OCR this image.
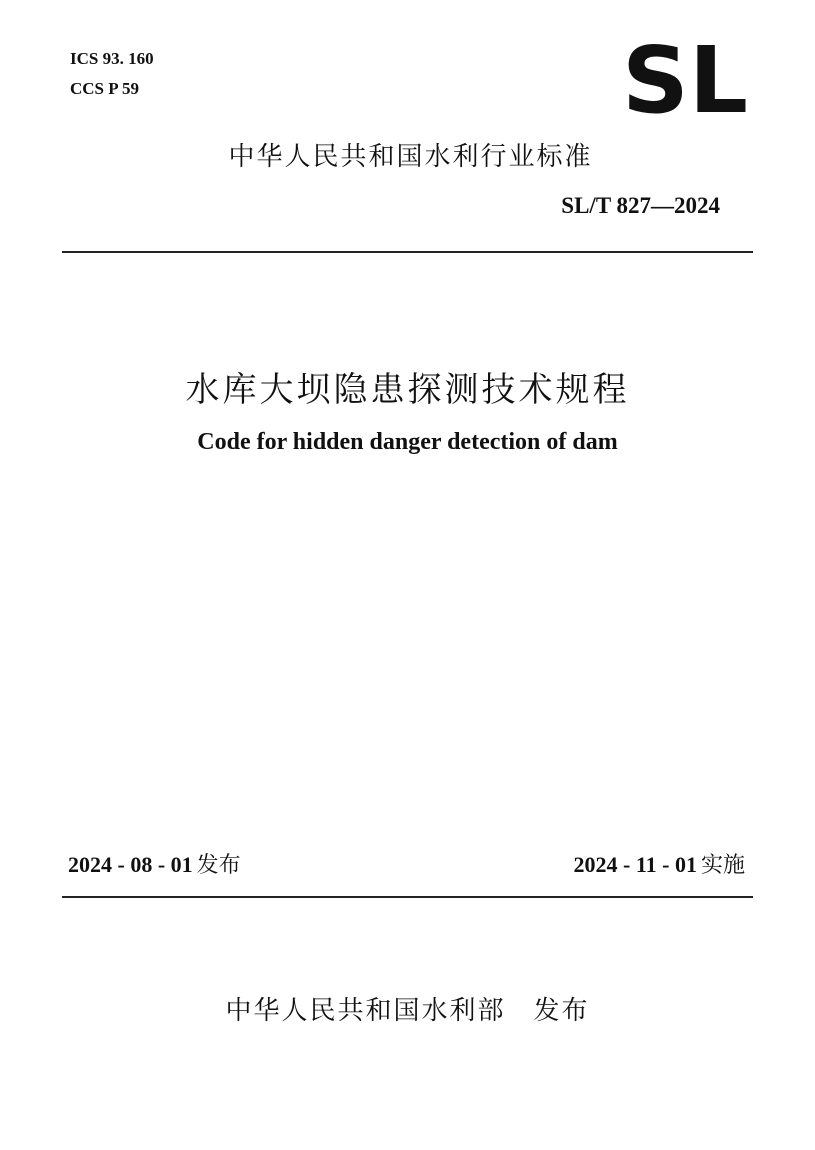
ICS 93. 160
CCS P 59	SL
中华人民共和国水利行业标准
SL/T 827—2024
水库大坝隐患探测技术规程
Code for hidden danger detection of dam
2024 - 08 - 01 发布	2024 - 11 - 01 实施
中华人民共和国水利部 发布
